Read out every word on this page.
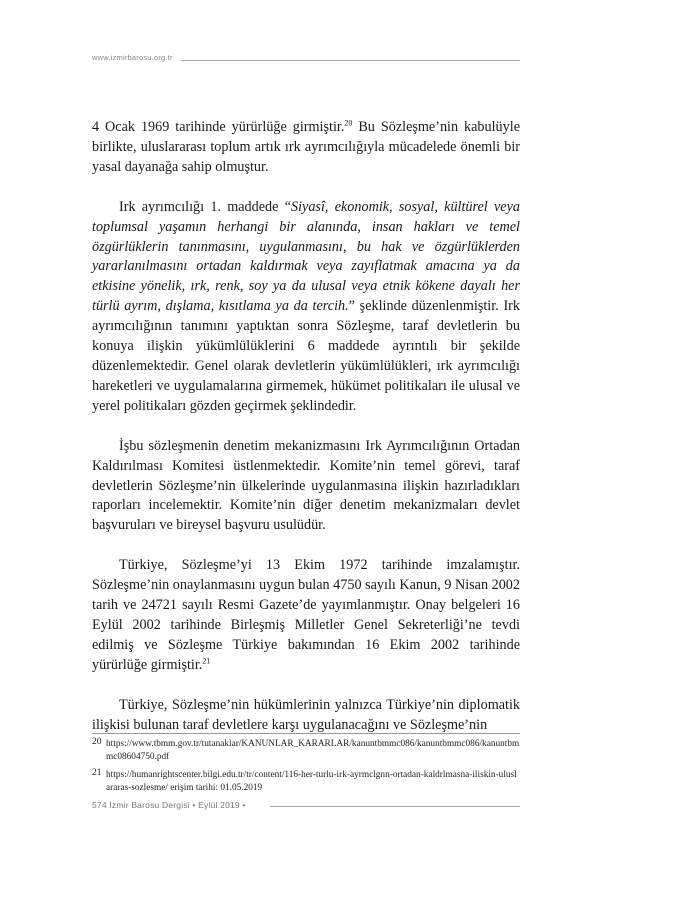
www.izmirbarosu.org.tr

4 Ocak 1969 tarihinde yürürlüğe girmiştir.$^{20}$ Bu Sözleşme’nin kabulüyle birlikte, uluslararası toplum artık ırk ayrımcılığıyla mücadelede önemli bir yasal dayanağa sahip olmuştur.

Irk ayrımcılığı 1. maddede “Siyasî, ekonomik, sosyal, kültürel veya toplumsal yaşamın herhangi bir alanında, insan hakları ve temel özgürlüklerin tanınmasını, uygulanmasını, bu hak ve özgürlüklerden yararlanılmasını ortadan kaldırmak veya zayıflatmak amacına ya da etkisine yönelik, ırk, renk, soy ya da ulusal veya etnik kökene dayalı her türlü ayrım, dışlama, kısıtlama ya da tercih.” şeklinde düzenlenmiştir. Irk ayrımcılığının tanımını yaptıktan sonra Sözleşme, taraf devletlerin bu konuya ilişkin yükümlülüklerini 6 maddede ayrıntılı bir şekilde düzenlemektedir. Genel olarak devletlerin yükümlülükleri, ırk ayrımcılığı hareketleri ve uygulamalarına girmemek, hükümet politikaları ile ulusal ve yerel politikaları gözden geçirmek şeklindedir.

İşbu sözleşmenin denetim mekanizmasını Irk Ayrımcılığının Ortadan Kaldırılması Komitesi üstlenmektedir. Komite’nin temel görevi, taraf devletlerin Sözleşme’nin ülkelerinde uygulanmasına ilişkin hazırladıkları raporları incelemektir. Komite’nin diğer denetim mekanizmaları devlet başvuruları ve bireysel başvuru usulüdür.

Türkiye, Sözleşme’yi 13 Ekim 1972 tarihinde imzalamıştır. Sözleşme’nin onaylanmasını uygun bulan 4750 sayılı Kanun, 9 Nisan 2002 tarih ve 24721 sayılı Resmi Gazete’de yayımlanmıştır. Onay belgeleri 16 Eylül 2002 tarihinde Birleşmiş Milletler Genel Sekreterliği’ne tevdi edilmiş ve Sözleşme Türkiye bakımından 16 Ekim 2002 tarihinde yürürlüğe girmiştir.$^{21}$

Türkiye, Sözleşme’nin hükümlerinin yalnızca Türkiye’nin diplomatik ilişkisi bulunan taraf devletlere karşı uygulanacağını ve Sözleşme’nin

20 https://www.tbmm.gov.tr/tutanaklar/KANUNLAR_KARARLAR/kanuntbmmc086/kanuntbmmc086/kanuntbmmc08604750.pdf
21 https://humanrightscenter.bilgi.edu.tr/tr/content/116-her-turlu-irk-ayrmclgnn-ortadan-kaldrlmasna-iliskin-uluslararas-sozlesme/ erişim tarihi: 01.05.2019
574 İzmir Barosu Dergisi • Eylül 2019 •
